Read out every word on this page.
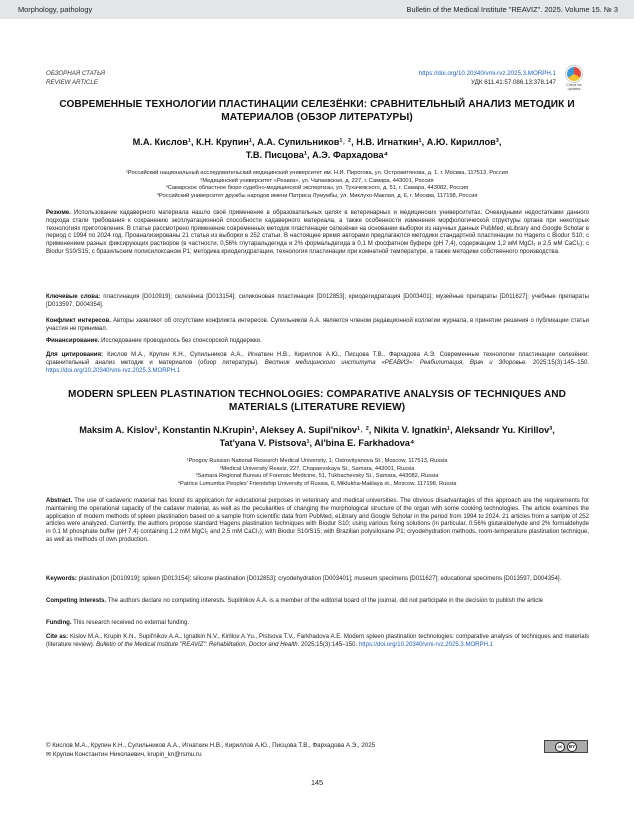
Morphology, pathology	Bulletin of the Medical Institute "REAVIZ". 2025. Volume 15. № 3
ОБЗОРНАЯ СТАТЬЯ
REVIEW ARTICLE
https://doi.org/10.20340/vmi-rvz.2025.3.MORPH.1
УДК 611.41:57.086.13:378.147	Check for updates
СОВРЕМЕННЫЕ ТЕХНОЛОГИИ ПЛАСТИНАЦИИ СЕЛЕЗЁНКИ: СРАВНИТЕЛЬНЫЙ АНАЛИЗ МЕТОДИК И МАТЕРИАЛОВ (ОБЗОР ЛИТЕРАТУРЫ)
М.А. Кислов¹, К.Н. Крупин¹, А.А. Супильников¹˒ ², Н.В. Игнаткин¹, А.Ю. Кириллов³,
Т.В. Писцова¹, А.Э. Фархадова⁴
¹Российский национальный исследовательский медицинский университет им. Н.И. Пирогова, ул. Островитянова, д. 1, г. Москва, 117513, Россия
²Медицинский университет «Реавиз», ул. Чапаевская, д. 227, г. Самара, 443001, Россия
³Самарское областное бюро судебно-медицинской экспертизы, ул. Тухачевского, д. 51, г. Самара, 443082, Россия
⁴Российский университет дружбы народов имени Патриса Лумумбы, ул. Миклухо-Маклая, д. 6, г. Москва, 117198, Россия
Резюме. Использование кадаверного материала нашло своё применение в образовательных целях в ветеринарных и медицинских университетах. Очевидными недостатками данного подхода стали требования к сохранению эксплуатационной способности кадаверного материала, а также особенности изменения морфологической структуры органа при некоторых технологиях приготовления. В статье рассмотрено применение современных методик пластинации селезёнки на основании выборки из научных данных PubMed, eLibrary and Google Scholar в период с 1994 по 2024 год. Проанализированы 21 статья из выборки в 252 статьи. В настоящее время авторами предлагаются методики стандартной пластинации по Hagens с Biodur S10; с применением разных фиксирующих растворов (в частности, 0,56% глутаральдегида и 2% формальдегида в 0,1 M фосфатном буфере (pH 7,4), содержащем 1,2 мМ MgCl₂ и 2,5 мМ CaCl₂); с Biodur S10/S15; с бразильским полисилоксаном P1; методика криодегидратации, технология пластинации при комнатной температуре, а также методики собственного производства.
Ключевые слова: пластинация [D010919]; селезёнка [D013154]; силиконовая пластинация [D012853]; криодегидратация [D003401]; музейные препараты [D011627]; учебные препараты [D013597, D004354].
Конфликт интересов. Авторы заявляют об отсутствии конфликта интересов. Супильников А.А. является членом редакционной коллегии журнала, в принятии решения о публикации статьи участия не принимал.
Финансирование. Исследование проводилось без спонсорской поддержки.
Для цитирования: Кислов М.А., Крупин К.Н., Супильников А.А., Игнаткин Н.В., Кириллов А.Ю., Писцова Т.В., Фархадова А.Э. Современные технологии пластинации селезёнки: сравнительный анализ методик и материалов (обзор литературы). Вестник медицинского института «РЕАВИЗ»: Реабилитация, Врач и Здоровье. 2025;15(3):145–150. https://doi.org/10.20340/vmi-rvz.2025.3.MORPH.1
MODERN SPLEEN PLASTINATION TECHNOLOGIES: COMPARATIVE ANALYSIS OF TECHNIQUES AND MATERIALS (LITERATURE REVIEW)
Maksim A. Kislov¹, Konstantin N.Krupin¹, Aleksey A. Supil'nikov¹˒ ², Nikita V. Ignatkin¹, Aleksandr Yu. Kirillov³,
Tat'yana V. Pistsova¹, Al'bina E. Farkhadova⁴
¹Pirogov Russian National Research Medical University, 1, Ostrovityanova St., Moscow, 117513, Russia
²Medical University Reaviz, 227, Chapaevskaya St., Samara, 443001, Russia
³Samara Regional Bureau of Forensic Medicine, 51, Tukhachevsky St., Samara, 443082, Russia
⁴Patrice Lumumba Peoples' Friendship University of Russia, 6, Miklukha-Maklaya st., Moscow, 117198, Russia
Abstract. The use of cadaveric material has found its application for educational purposes in veterinary and medical universities. The obvious disadvantages of this approach are the requirements for maintaining the operational capacity of the cadaver material, as well as the peculiarities of changing the morphological structure of the organ with some cooking technologies. The article examines the application of modern methods of spleen plastination based on a sample from scientific data from PubMed, eLibrary and Google Scholar in the period from 1994 to 2024. 21 articles from a sample of 252 articles were analyzed. Currently, the authors propose standard Hagens plastination techniques with Biodur S10; using various fixing solutions (in particular, 0.56% glutaraldehyde and 2% formaldehyde in 0.1 M phosphate buffer (pH 7.4) containing 1.2 mM MgCl₂ and 2.5 mM CaCl₂); with Biodur S10/S15; with Brazilian polysiloxane P1; cryodehydration methods, room-temperature plastination technique, as well as methods of own production.
Keywords: plastination [D010919]; spleen [D013154]; silicone plastination [D012853]; cryodehydration [D003401]; museum specimens [D011627]; educational specimens [D013597, D004354].
Competing interests. The authors declare no competing interests. Supilnikov A.A. is a member of the editorial board of the journal, did not participate in the decision to publish the article
Funding. This research received no external funding.
Cite as: Kislov M.A., Krupin K.N., Supil'nikov A.A., Ignatkin N.V., Kirillov A.Yu., Pistsova T.V., Farkhadova A.E. Modern spleen plastination technologies: comparative analysis of techniques and materials (literature review). Bulletin of the Medical Institute "REAVIZ": Rehabilitation, Doctor and Health. 2025;15(3):145–150. https://doi.org/10.20340/vmi-rvz.2025.3.MORPH.1
© Кислов М.А., Крупин К.Н., Супильников А.А., Игнаткин Н.В., Кириллов А.Ю., Писцова Т.В., Фархадова А.Э., 2025
✉ Крупин Константин Николаевич, krupin_kn@rsmu.ru
cc	BY
145
